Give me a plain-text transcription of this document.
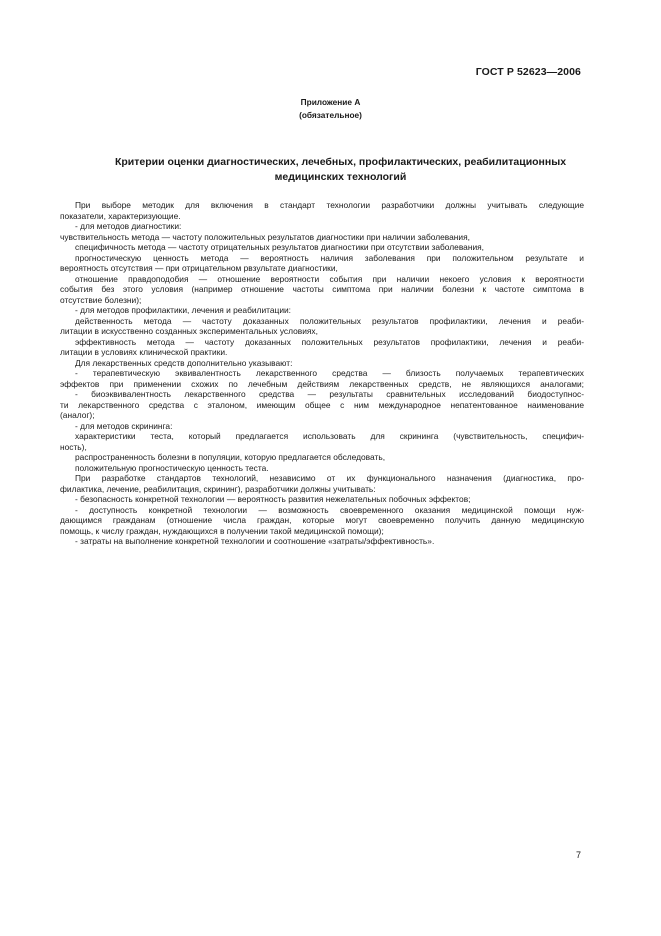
ГОСТ Р 52623—2006
Приложение А
(обязательное)
Критерии оценки диагностических, лечебных, профилактических, реабилитационных
медицинских технологий
При выборе методик для включения в стандарт технологии разработчики должны учитывать следующие
показатели, характеризующие.
- для методов диагностики:
чувствительность метода — частоту положительных результатов диагностики при наличии заболевания,
специфичность метода — частоту отрицательных результатов диагностики при отсутствии заболевания,
прогностическую ценность метода — вероятность наличия заболевания при положительном результате и
вероятность отсутствия — при отрицательном рвзультате диагностики,
отношение правдоподобия — отношение вероятности события при наличии некоего условия к вероятности
события без этого условия (например отношение частоты симптома при наличии болезни к частоте симптома в
отсутствие болезни);
- для методов профилактики, лечения и реабилитации:
действенность метода — частоту доказанных положительных результатов профилактики, лечения и реаби-
литации в искусственно созданных экспериментальных условиях,
эффективность метода — частоту доказанных положительных результатов профилактики, лечения и реаби-
литации в условиях клинической практики.
Для лекарственных средств дополнительно указывают:
- терапевтическую эквивалентность лекарственного средства — близость получаемых терапевтических
эффектов при применении схожих по лечебным действиям лекарственных средств, не являющихся аналогами;
- биоэквивалентность лекарственного средства — результаты сравнительных исследований биодоступнос-
ти лекарственного средства с эталоном, имеющим общее с ним международное непатентованное наименование
(аналог);
- для методов скрининга:
характеристики теста, который предлагается использовать для скрининга (чувствительность, специфич-
ность),
распространенность болезни в популяции, которую предлагается обследовать,
положительную прогностическую ценность теста.
При разработке стандартов технологий, независимо от их функционального назначения (диагностика, про-
филактика, лечение, реабилитация, скрининг), разработчики должны учитывать:
- безопасность конкретной технологии — вероятность развития нежелательных побочных эффектов;
- доступность конкретной технологии — возможность своевременного оказания медицинской помощи нуж-
дающимся гражданам (отношение числа граждан, которые могут своевременно получить данную медицинскую
помощь, к числу граждан, нуждающихся в получении такой медицинской помощи);
- затраты на выполнение конкретной технологии и соотношение «затраты/эффективность».
7
